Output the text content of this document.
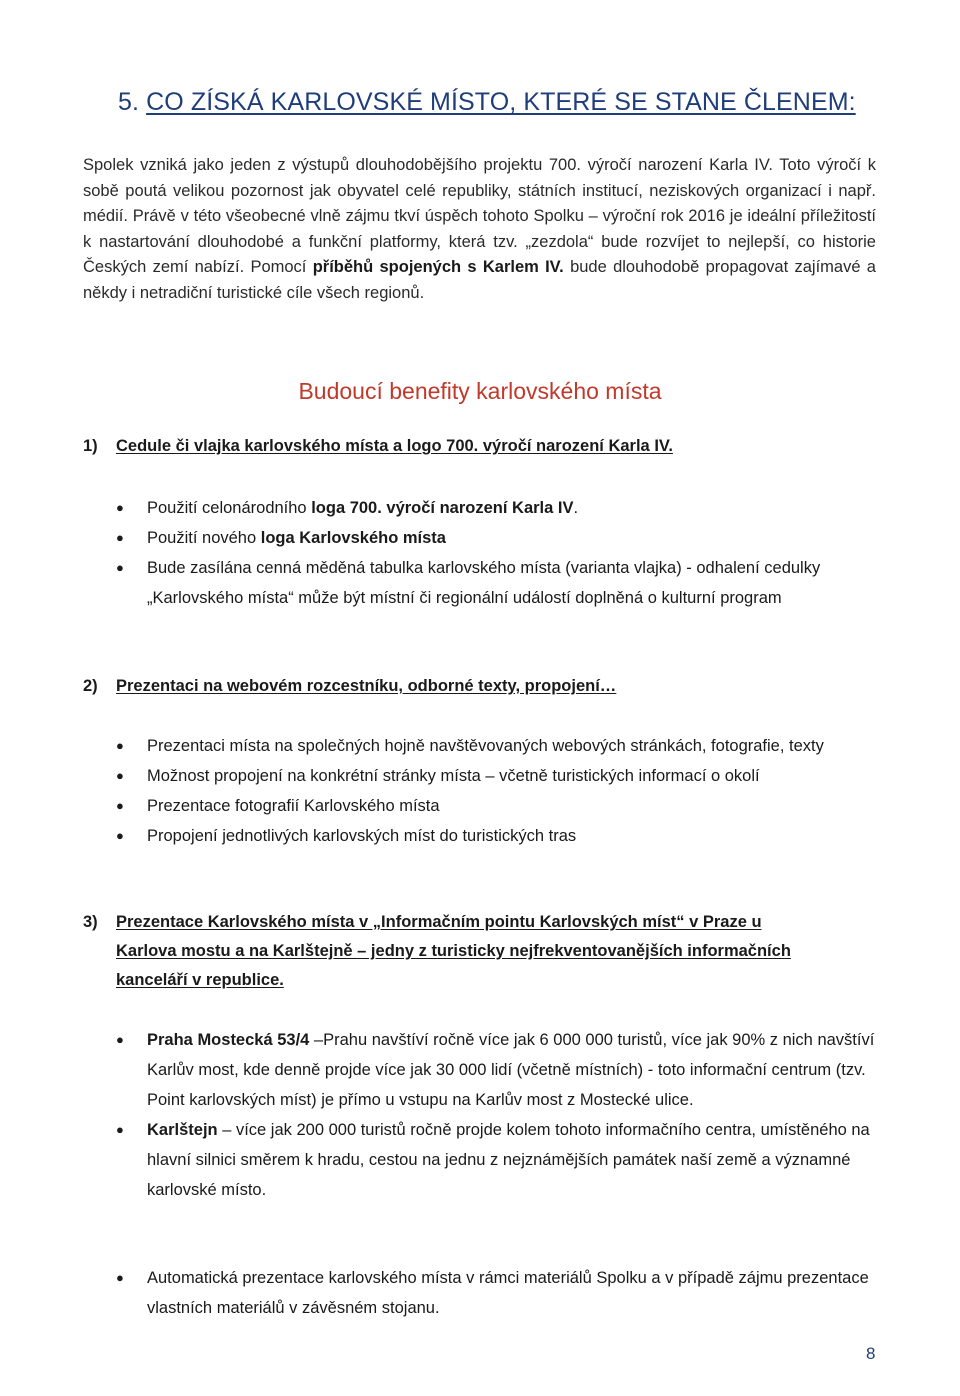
5. CO ZÍSKÁ KARLOVSKÉ MÍSTO, KTERÉ SE STANE ČLENEM:

Spolek vzniká jako jeden z výstupů dlouhodobějšího projektu 700. výročí narození Karla IV. Toto výročí k sobě poutá velikou pozornost jak obyvatel celé republiky, státních institucí, neziskových organizací i např. médií. Právě v této všeobecné vlně zájmu tkví úspěch tohoto Spolku – výroční rok 2016 je ideální příležitostí k nastartování dlouhodobé a funkční platformy, která tzv. „zezdola“ bude rozvíjet to nejlepší, co historie Českých zemí nabízí. Pomocí příběhů spojených s Karlem IV. bude dlouhodobě propagovat zajímavé a někdy i netradiční turistické cíle všech regionů.

Budoucí benefity karlovského místa
1) Cedule či vlajka karlovského místa a logo 700. výročí narození Karla IV.
● Použití celonárodního loga 700. výročí narození Karla IV.
● Použití nového loga Karlovského místa
● Bude zasílána cenná měděná tabulka karlovského místa (varianta vlajka) - odhalení cedulky „Karlovského místa“ může být místní či regionální událostí doplněná o kulturní program
2) Prezentaci na webovém rozcestníku, odborné texty, propojení…
● Prezentaci místa na společných hojně navštěvovaných webových stránkách, fotografie, texty
● Možnost propojení na konkrétní stránky místa – včetně turistických informací o okolí
● Prezentace fotografií Karlovského místa
● Propojení jednotlivých karlovských míst do turistických tras
3)	Prezentace Karlovského místa v „Informačním pointu Karlovských míst“ v Praze u
Karlova mostu a na Karlštejně – jedny z turisticky nejfrekventovanějších informačních
kanceláří v republice.
● Praha Mostecká 53/4 –Prahu navštíví ročně více jak 6 000 000 turistů, více jak 90% z nich navštíví Karlův most, kde denně projde více jak 30 000 lidí (včetně místních) - toto informační centrum (tzv. Point karlovských míst) je přímo u vstupu na Karlův most z Mostecké ulice.
● Karlštejn – více jak 200 000 turistů ročně projde kolem tohoto informačního centra, umístěného na hlavní silnici směrem k hradu, cestou na jednu z nejznámějších památek naší země a významné karlovské místo.
● Automatická prezentace karlovského místa v rámci materiálů Spolku a v případě zájmu prezentace vlastních materiálů v závěsném stojanu.
8
